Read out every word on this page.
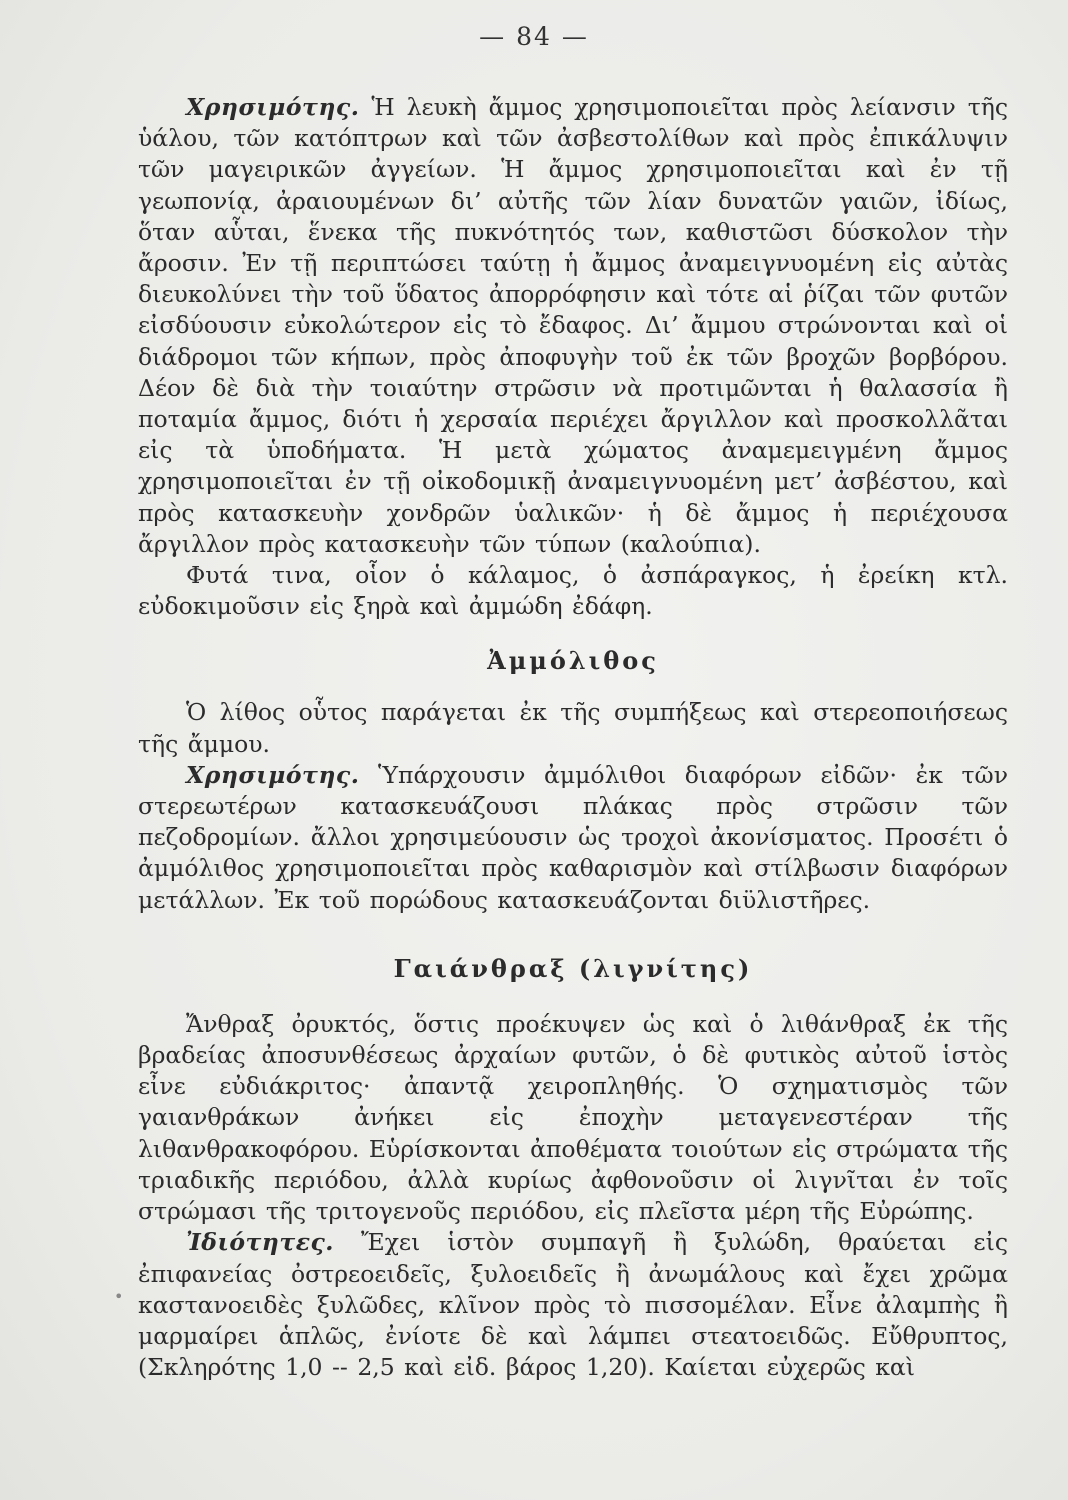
— 84 —
•

Χρησιμότης. Ἡ λευκὴ ἄμμος χρησιμοποιεῖται πρὸς λείανσιν τῆς ὑάλου, τῶν κατόπτρων καὶ τῶν ἀσβεστολίθων καὶ πρὸς ἐπικάλυψιν τῶν μαγειρικῶν ἀγγείων. Ἡ ἄμμος χρησιμοποιεῖται καὶ ἐν τῇ γεωπονίᾳ, ἀραιουμένων δι’ αὐτῆς τῶν λίαν δυνατῶν γαιῶν, ἰδίως, ὅταν αὗται, ἕνεκα τῆς πυκνότητός των, καθιστῶσι δύσκολον τὴν ἄροσιν. Ἐν τῇ περιπτώσει ταύτῃ ἡ ἄμμος ἀναμειγνυομένη εἰς αὐτὰς διευκολύνει τὴν τοῦ ὕδατος ἀπορρόφησιν καὶ τότε αἱ ῥίζαι τῶν φυτῶν εἰσδύουσιν εὐκολώτερον εἰς τὸ ἔδαφος. Δι’ ἄμμου στρώνονται καὶ οἱ διάδρομοι τῶν κήπων, πρὸς ἀποφυγὴν τοῦ ἐκ τῶν βροχῶν βορβόρου. Δέον δὲ διὰ τὴν τοιαύτην στρῶσιν νὰ προτιμῶνται ἡ θαλασσία ἢ ποταμία ἄμμος, διότι ἡ χερσαία περιέχει ἄργιλλον καὶ προσκολλᾶται εἰς τὰ ὑποδήματα. Ἡ μετὰ χώματος ἀναμεμειγμένη ἄμμος χρησιμοποιεῖται ἐν τῇ οἰκοδομικῇ ἀναμειγνυομένη μετ’ ἀσβέστου, καὶ πρὸς κατασκευὴν χονδρῶν ὑαλικῶν· ἡ δὲ ἄμμος ἡ περιέχουσα ἄργιλλον πρὸς κατασκευὴν τῶν τύπων (καλούπια).

Φυτά τινα, οἷον ὁ κάλαμος, ὁ ἀσπάραγκος, ἡ ἐρείκη κτλ. εὐδοκιμοῦσιν εἰς ξηρὰ καὶ ἀμμώδη ἐδάφη.

Ἀμμόλιθος

Ὁ λίθος οὗτος παράγεται ἐκ τῆς συμπήξεως καὶ στερεοποιήσεως τῆς ἄμμου.

Χρησιμότης. Ὑπάρχουσιν ἀμμόλιθοι διαφόρων εἰδῶν· ἐκ τῶν στερεωτέρων κατασκευάζουσι πλάκας πρὸς στρῶσιν τῶν πεζοδρομίων. ἄλλοι χρησιμεύουσιν ὡς τροχοὶ ἀκονίσματος. Προσέτι ὁ ἀμμόλιθος χρησιμοποιεῖται πρὸς καθαρισμὸν καὶ στίλβωσιν διαφόρων μετάλλων. Ἐκ τοῦ πορώδους κατασκευάζονται διϋλιστῆρες.

Γαιάνθραξ (λιγνίτης)

Ἄνθραξ ὀρυκτός, ὅστις προέκυψεν ὡς καὶ ὁ λιθάνθραξ ἐκ τῆς βραδείας ἀποσυνθέσεως ἀρχαίων φυτῶν, ὁ δὲ φυτικὸς αὐτοῦ ἱστὸς εἶνε εὐδιάκριτος· ἀπαντᾷ χειροπληθής. Ὁ σχηματισμὸς τῶν γαιανθράκων ἀνήκει εἰς ἐποχὴν μεταγενεστέραν τῆς λιθανθρακοφόρου. Εὑρίσκονται ἀποθέματα τοιούτων εἰς στρώματα τῆς τριαδικῆς περιόδου, ἀλλὰ κυρίως ἀφθονοῦσιν οἱ λιγνῖται ἐν τοῖς στρώμασι τῆς τριτογενοῦς περιόδου, εἰς πλεῖστα μέρη τῆς Εὐρώπης.

Ἰδιότητες. Ἔχει ἱστὸν συμπαγῆ ἢ ξυλώδη, θραύεται εἰς ἐπιφανείας ὀστρεοειδεῖς, ξυλοειδεῖς ἢ ἀνωμάλους καὶ ἔχει χρῶμα καστανοειδὲς ξυλῶδες, κλῖνον πρὸς τὸ πισσομέλαν. Εἶνε ἀλαμπὴς ἢ μαρμαίρει ἁπλῶς, ἐνίοτε δὲ καὶ λάμπει στεατοειδῶς. Εὔθρυπτος, (Σκληρότης 1,0 -- 2,5 καὶ εἰδ. βάρος 1,20). Καίεται εὐχερῶς καὶ
